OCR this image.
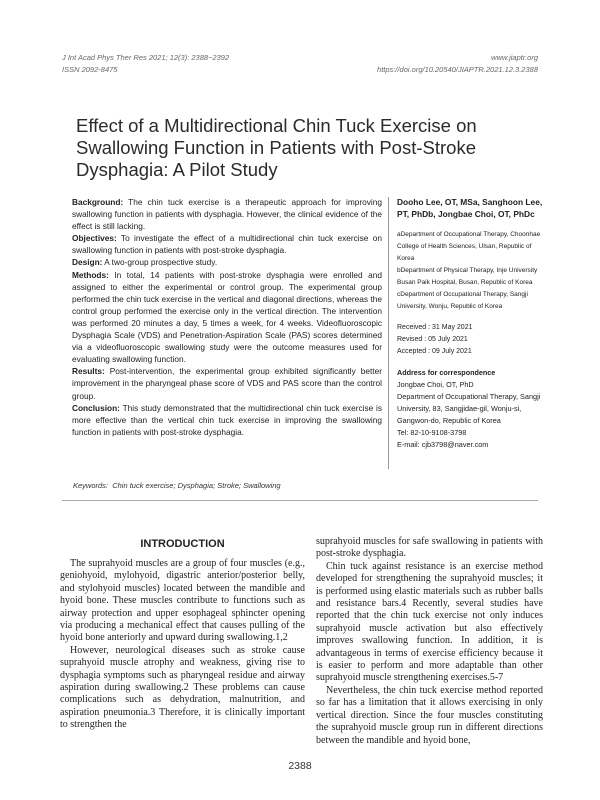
J Int Acad Phys Ther Res 2021; 12(3): 2388~2392
ISSN 2092-8475
www.jiaptr.org
https://doi.org/10.20540/JIAPTR.2021.12.3.2388
Effect of a Multidirectional Chin Tuck Exercise on Swallowing Function in Patients with Post-Stroke Dysphagia: A Pilot Study

Background: The chin tuck exercise is a therapeutic approach for improving swallowing function in patients with dysphagia. However, the clinical evidence of the effect is still lacking.

Objectives: To investigate the effect of a multidirectional chin tuck exercise on swallowing function in patients with post-stroke dysphagia.

Design: A two-group prospective study.

Methods: In total, 14 patients with post-stroke dysphagia were enrolled and assigned to either the experimental or control group. The experimental group performed the chin tuck exercise in the vertical and diagonal directions, whereas the control group performed the exercise only in the vertical direction. The intervention was performed 20 minutes a day, 5 times a week, for 4 weeks. Videofluoroscopic Dysphagia Scale (VDS) and Penetration-Aspiration Scale (PAS) scores determined via a videofluoroscopic swallowing study were the outcome measures used for evaluating swallowing function.

Results: Post-intervention, the experimental group exhibited significantly better improvement in the pharyngeal phase score of VDS and PAS score than the control group.

Conclusion: This study demonstrated that the multidirectional chin tuck exercise is more effective than the vertical chin tuck exercise in improving the swallowing function in patients with post-stroke dysphagia.

Dooho Lee, OT, MSa, Sanghoon Lee, PT, PhDb, Jongbae Choi, OT, PhDc
aDepartment of Occupational Therapy, Choonhae College of Health Sciences, Ulsan, Republic of Korea
bDepartment of Physical Therapy, Inje University Busan Paik Hospital, Busan, Republic of Korea
cDepartment of Occupational Therapy, Sangji University, Wonju, Republic of Korea
Received : 31 May 2021
Revised : 05 July 2021
Accepted : 09 July 2021
Address for correspondence
Jongbae Choi, OT, PhD
Department of Occupational Therapy, Sangji University, 83, Sangjidae-gil, Wonju-si, Gangwon-do, Republic of Korea
Tel: 82-10-9108-3798
E-mail: cjb3798@naver.com
Keywords: Chin tuck exercise; Dysphagia; Stroke; Swallowing
INTRODUCTION

The suprahyoid muscles are a group of four muscles (e.g., geniohyoid, mylohyoid, digastric anterior/posterior belly, and stylohyoid muscles) located between the mandible and hyoid bone. These muscles contribute to functions such as airway protection and upper esophageal sphincter opening via producing a mechanical effect that causes pulling of the hyoid bone anteriorly and upward during swallowing.1,2

However, neurological diseases such as stroke cause suprahyoid muscle atrophy and weakness, giving rise to dysphagia symptoms such as pharyngeal residue and airway aspiration during swallowing.2 These problems can cause complications such as dehydration, malnutrition, and aspiration pneumonia.3 Therefore, it is clinically important to strengthen the

suprahyoid muscles for safe swallowing in patients with post-stroke dysphagia.

Chin tuck against resistance is an exercise method developed for strengthening the suprahyoid muscles; it is performed using elastic materials such as rubber balls and resistance bars.4 Recently, several studies have reported that the chin tuck exercise not only induces suprahyoid muscle activation but also effectively improves swallowing function. In addition, it is advantageous in terms of exercise efficiency because it is easier to perform and more adaptable than other suprahyoid muscle strengthening exercises.5-7

Nevertheless, the chin tuck exercise method reported so far has a limitation that it allows exercising in only vertical direction. Since the four muscles constituting the suprahyoid muscle group run in different directions between the mandible and hyoid bone,

2388
